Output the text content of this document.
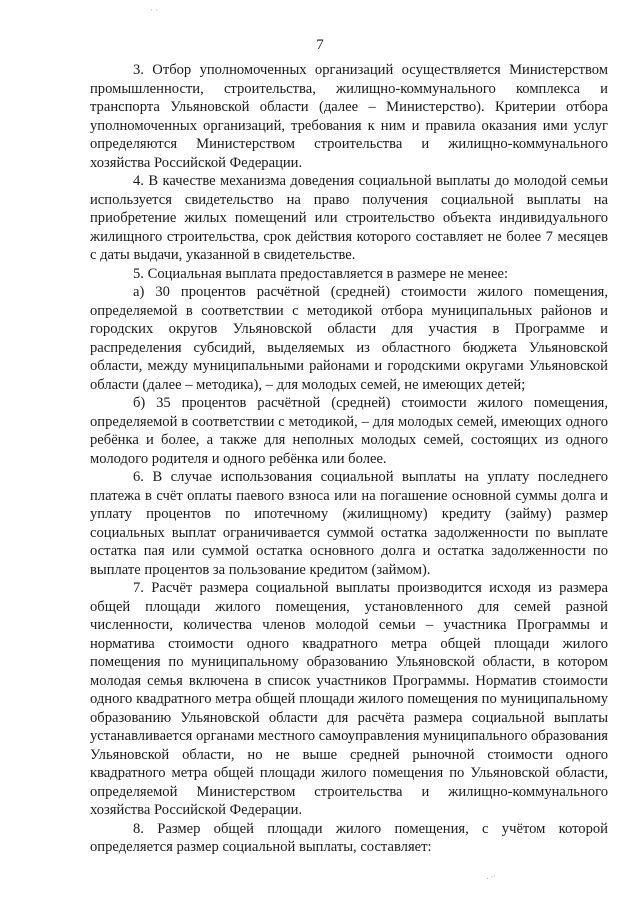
· ·
7

3. Отбор уполномоченных организаций осуществляется Министерством промышленности, строительства, жилищно-коммунального комплекса и транспорта Ульяновской области (далее – Министерство). Критерии отбора уполномоченных организаций, требования к ним и правила оказания ими услуг определяются Министерством строительства и жилищно-коммунального хозяйства Российской Федерации.

4. В качестве механизма доведения социальной выплаты до молодой семьи используется свидетельство на право получения социальной выплаты на приобретение жилых помещений или строительство объекта индивидуального жилищного строительства, срок действия которого составляет не более 7 месяцев с даты выдачи, указанной в свидетельстве.

5. Социальная выплата предоставляется в размере не менее:

а) 30 процентов расчётной (средней) стоимости жилого помещения, определяемой в соответствии с методикой отбора муниципальных районов и городских округов Ульяновской области для участия в Программе и распределения субсидий, выделяемых из областного бюджета Ульяновской области, между муниципальными районами и городскими округами Ульяновской области (далее – методика), – для молодых семей, не имеющих детей;

б) 35 процентов расчётной (средней) стоимости жилого помещения, определяемой в соответствии с методикой, – для молодых семей, имеющих одного ребёнка и более, а также для неполных молодых семей, состоящих из одного молодого родителя и одного ребёнка или более.

6. В случае использования социальной выплаты на уплату последнего платежа в счёт оплаты паевого взноса или на погашение основной суммы долга и уплату процентов по ипотечному (жилищному) кредиту (займу) размер социальных выплат ограничивается суммой остатка задолженности по выплате остатка пая или суммой остатка основного долга и остатка задолженности по выплате процентов за пользование кредитом (займом).

7. Расчёт размера социальной выплаты производится исходя из размера общей площади жилого помещения, установленного для семей разной численности, количества членов молодой семьи – участника Программы и норматива стоимости одного квадратного метра общей площади жилого помещения по муниципальному образованию Ульяновской области, в котором молодая семья включена в список участников Программы. Норматив стоимости одного квадратного метра общей площади жилого помещения по муниципальному образованию Ульяновской области для расчёта размера социальной выплаты устанавливается органами местного самоуправления муниципального образования Ульяновской области, но не выше средней рыночной стоимости одного квадратного метра общей площади жилого помещения по Ульяновской области, определяемой Министерством строительства и жилищно-коммунального хозяйства Российской Федерации.

8. Размер общей площади жилого помещения, с учётом которой определяется размер социальной выплаты, составляет:

⸳ ⸳⸳
